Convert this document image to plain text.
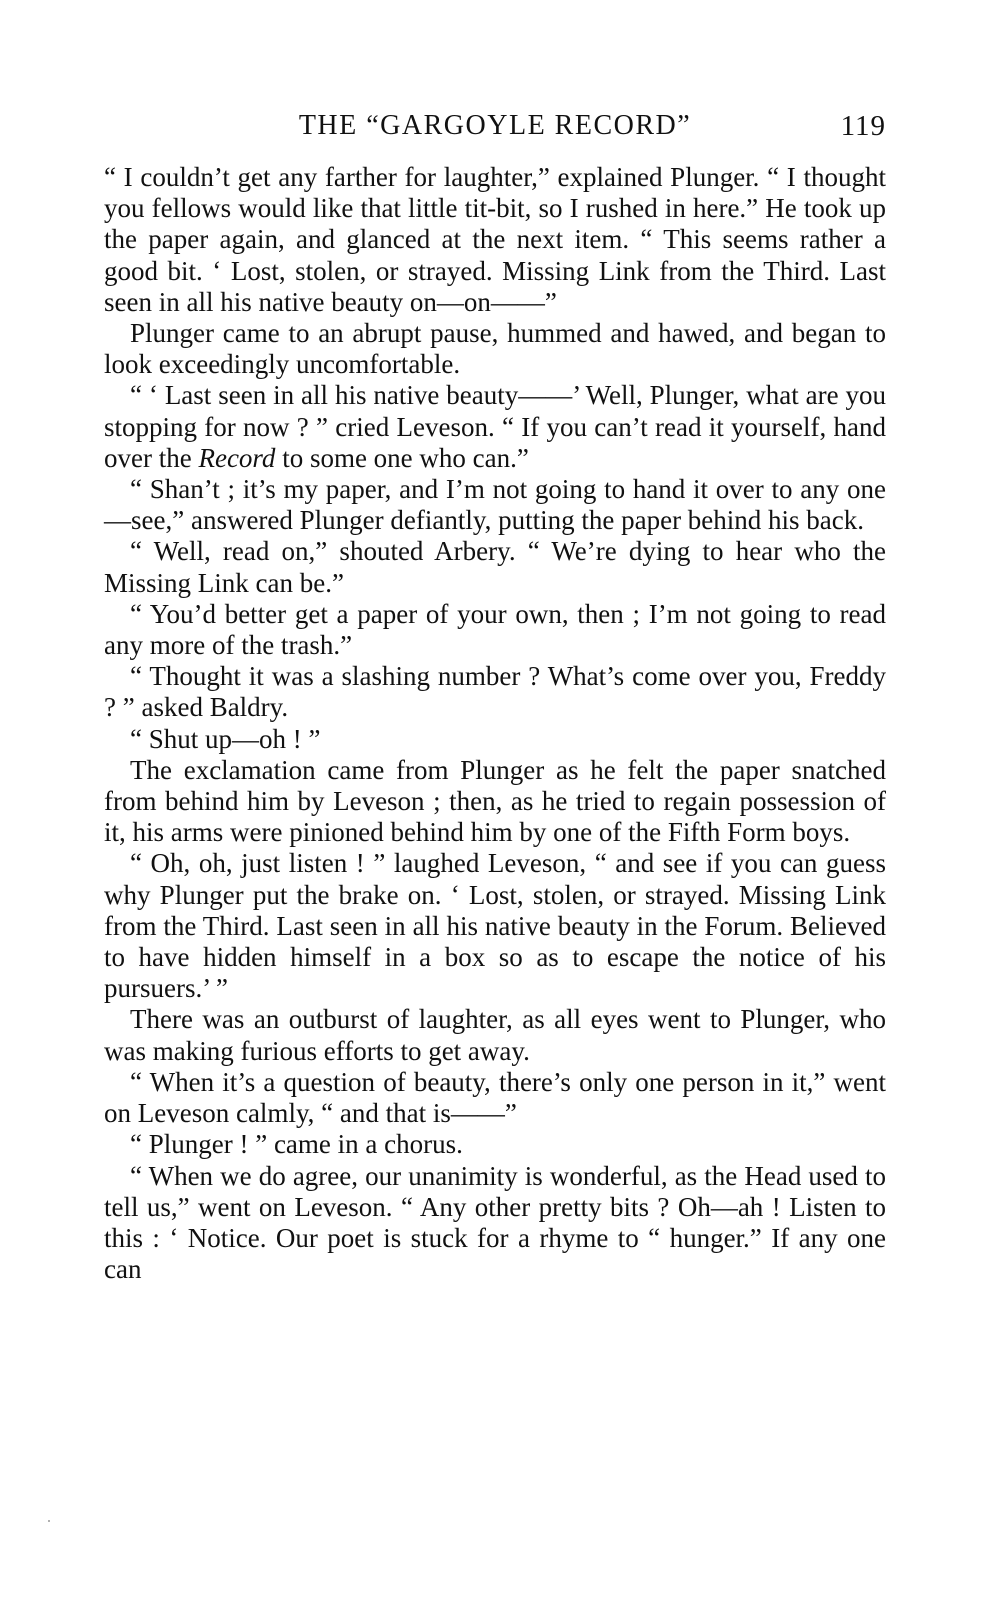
THE “GARGOYLE RECORD”	119

“ I couldn’t get any farther for laughter,” explained Plunger. “ I thought you fellows would like that little tit-bit, so I rushed in here.” He took up the paper again, and glanced at the next item. “ This seems rather a good bit. ‘ Lost, stolen, or strayed. Missing Link from the Third. Last seen in all his native beauty on—on——”

Plunger came to an abrupt pause, hummed and hawed, and began to look exceedingly uncomfortable.

“ ‘ Last seen in all his native beauty——’ Well, Plunger, what are you stopping for now ? ” cried Leveson. “ If you can’t read it yourself, hand over the Record to some one who can.”

“ Shan’t ; it’s my paper, and I’m not going to hand it over to any one—see,” answered Plunger defiantly, putting the paper behind his back.

“ Well, read on,” shouted Arbery. “ We’re dying to hear who the Missing Link can be.”

“ You’d better get a paper of your own, then ; I’m not going to read any more of the trash.”

“ Thought it was a slashing number ? What’s come over you, Freddy ? ” asked Baldry.

“ Shut up—oh ! ”

The exclamation came from Plunger as he felt the paper snatched from behind him by Leveson ; then, as he tried to regain possession of it, his arms were pinioned behind him by one of the Fifth Form boys.

“ Oh, oh, just listen ! ” laughed Leveson, “ and see if you can guess why Plunger put the brake on. ‘ Lost, stolen, or strayed. Missing Link from the Third. Last seen in all his native beauty in the Forum. Believed to have hidden himself in a box so as to escape the notice of his pursuers.’ ”

There was an outburst of laughter, as all eyes went to Plunger, who was making furious efforts to get away.

“ When it’s a question of beauty, there’s only one person in it,” went on Leveson calmly, “ and that is——”

“ Plunger ! ” came in a chorus.

“ When we do agree, our unanimity is wonderful, as the Head used to tell us,” went on Leveson. “ Any other pretty bits ? Oh—ah ! Listen to this : ‘ Notice. Our poet is stuck for a rhyme to “ hunger.” If any one can
